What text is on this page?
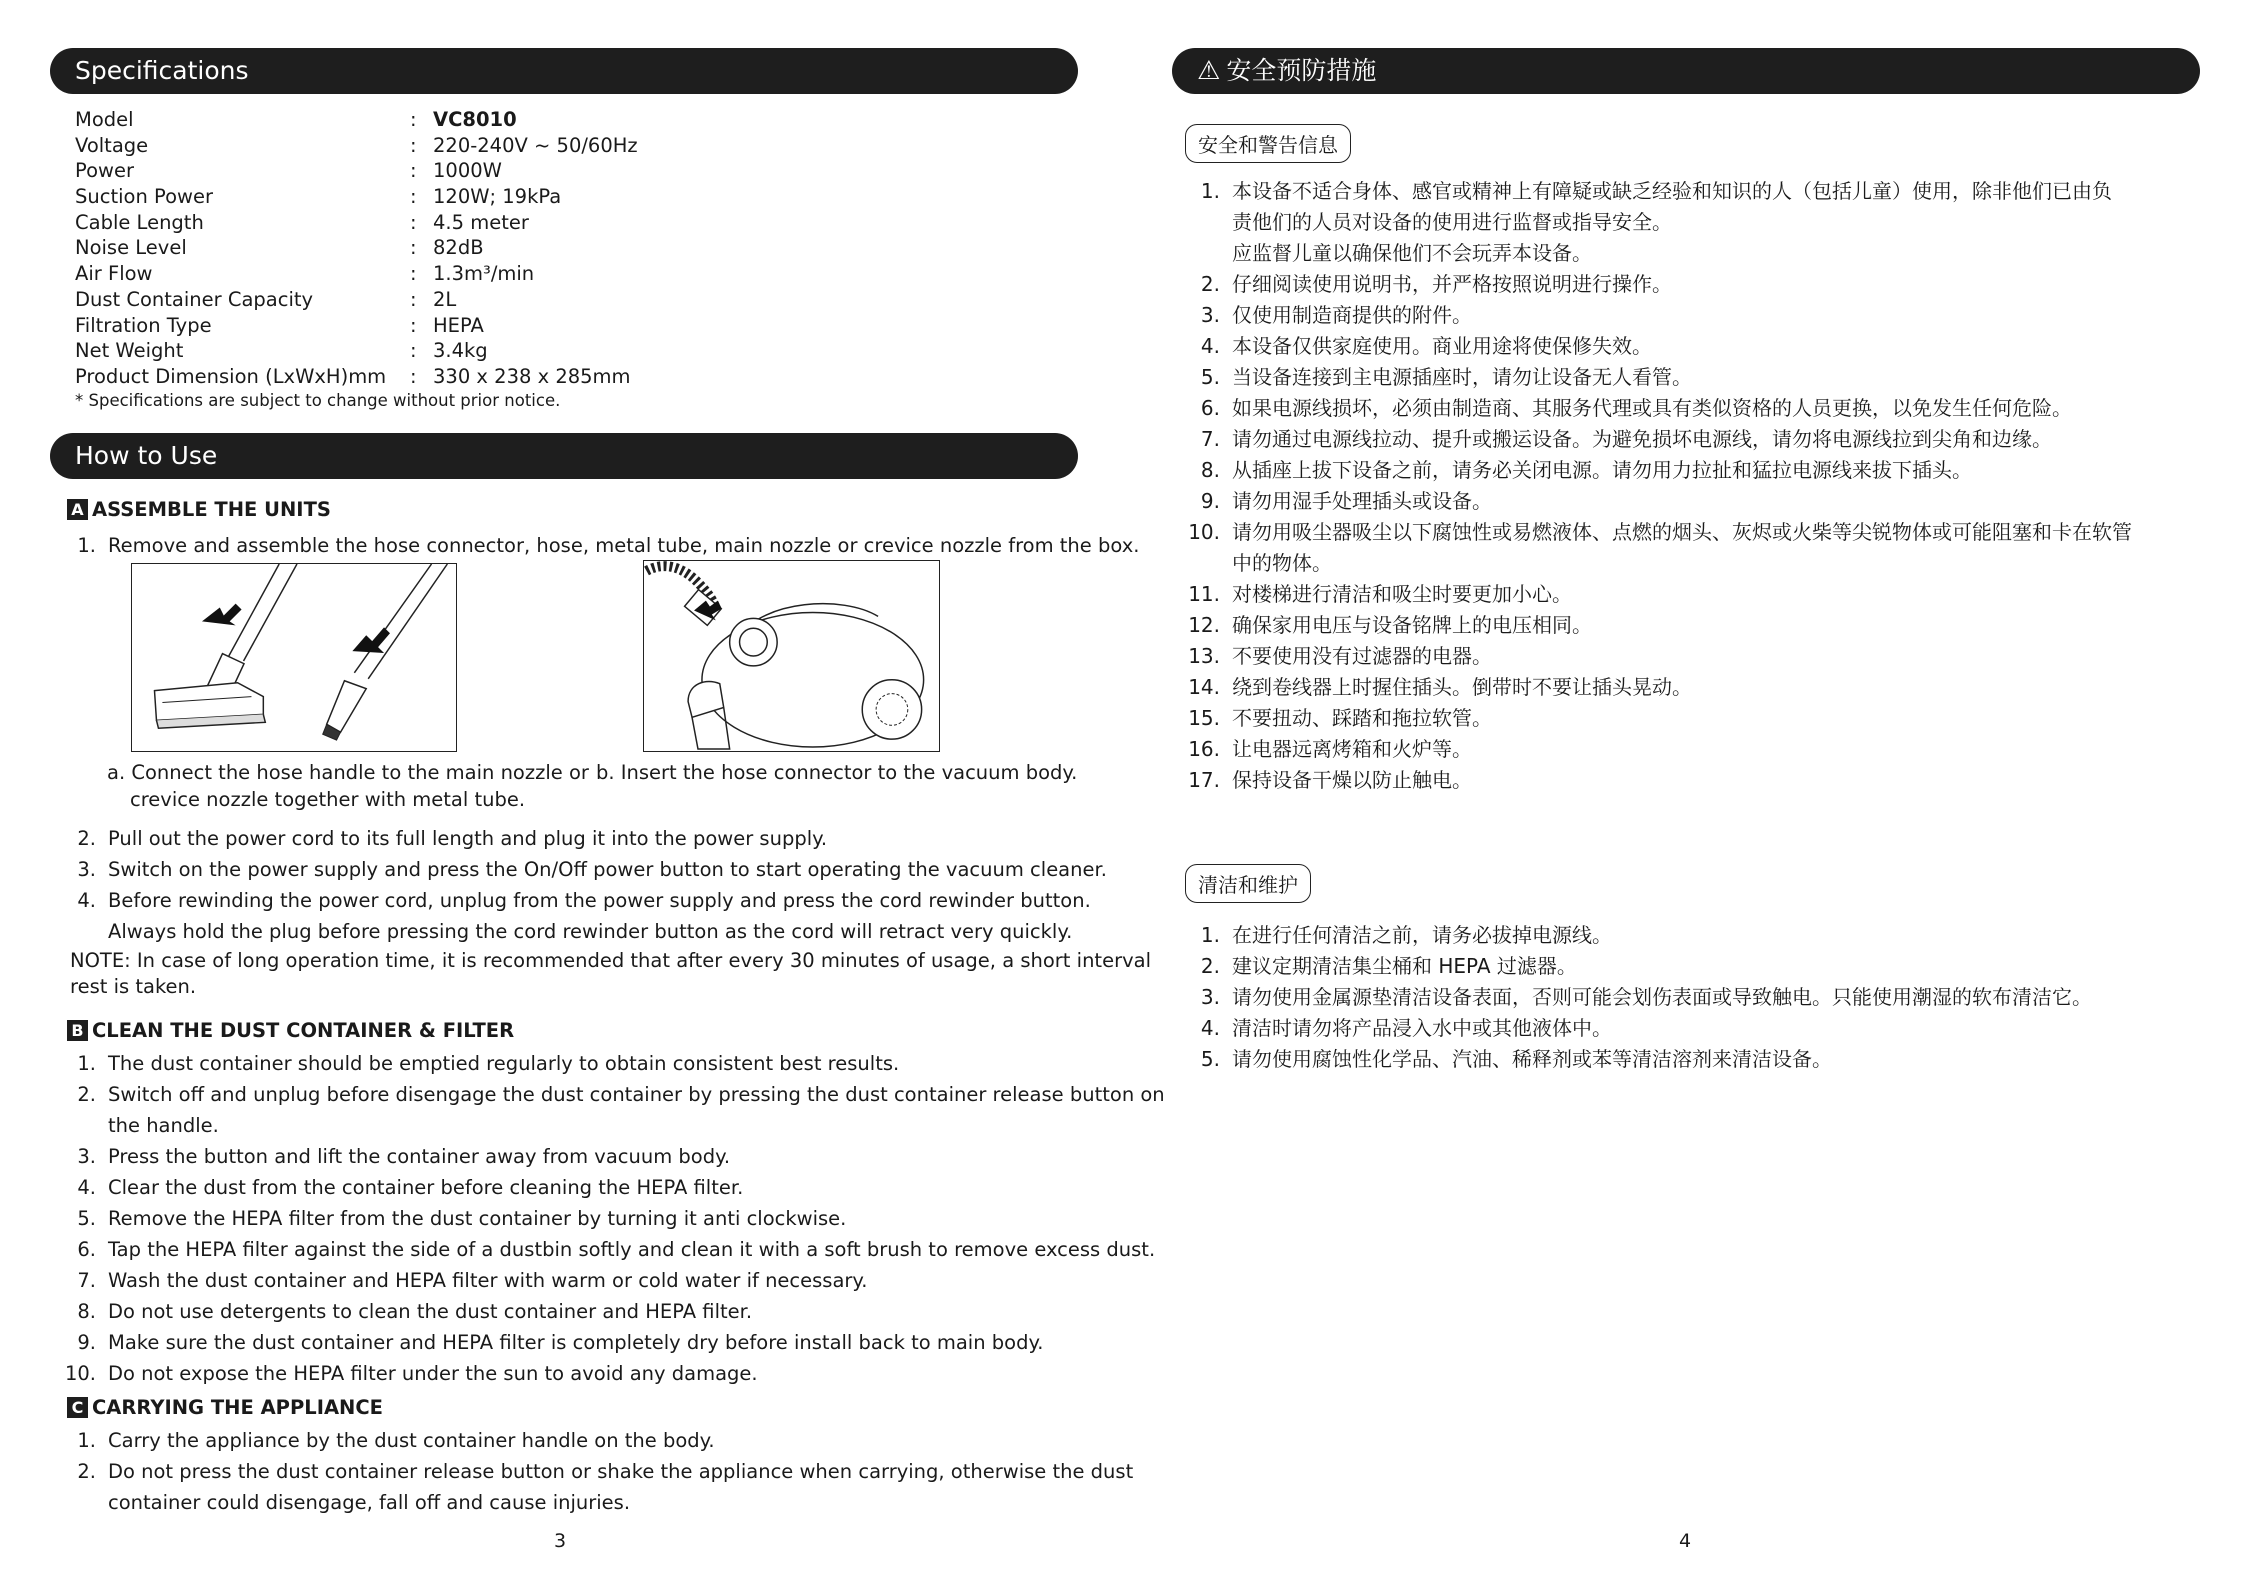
Specifications
Model	: VC8010
Voltage	: 220-240V ~ 50/60Hz
Power	: 1000W
Suction Power	: 120W; 19kPa
Cable Length	: 4.5 meter
Noise Level	: 82dB
Air Flow	: 1.3m³/min
Dust Container Capacity	: 2L
Filtration Type	: HEPA
Net Weight	: 3.4kg
Product Dimension (LxWxH)mm	: 330 x 238 x 285mm
* Specifications are subject to change without prior notice.
How to Use
A ASSEMBLE THE UNITS
1. Remove and assemble the hose connector, hose, metal tube, main nozzle or crevice nozzle from the box.
a. Connect the hose handle to the main nozzle or
crevice nozzle together with metal tube.
b. Insert the hose connector to the vacuum body.
2. Pull out the power cord to its full length and plug it into the power supply.
3. Switch on the power supply and press the On/Off power button to start operating the vacuum cleaner.
4. Before rewinding the power cord, unplug from the power supply and press the cord rewinder button.
Always hold the plug before pressing the cord rewinder button as the cord will retract very quickly.
NOTE: In case of long operation time, it is recommended that after every 30 minutes of usage, a short interval
rest is taken.
B CLEAN THE DUST CONTAINER & FILTER
1. The dust container should be emptied regularly to obtain consistent best results.
2. Switch off and unplug before disengage the dust container by pressing the dust container release button on
the handle.
3. Press the button and lift the container away from vacuum body.
4. Clear the dust from the container before cleaning the HEPA filter.
5. Remove the HEPA filter from the dust container by turning it anti clockwise.
6. Tap the HEPA filter against the side of a dustbin softly and clean it with a soft brush to remove excess dust.
7. Wash the dust container and HEPA filter with warm or cold water if necessary.
8. Do not use detergents to clean the dust container and HEPA filter.
9. Make sure the dust container and HEPA filter is completely dry before install back to main body.
10. Do not expose the HEPA filter under the sun to avoid any damage.
C CARRYING THE APPLIANCE
1. Carry the appliance by the dust container handle on the body.
2. Do not press the dust container release button or shake the appliance when carrying, otherwise the dust
container could disengage, fall off and cause injuries.
3
⚠ 安全预防措施
安全和警告信息
1. 本设备不适合身体、感官或精神上有障疑或缺乏经验和知识的人（包括儿童）使用，除非他们已由负
责他们的人员对设备的使用进行监督或指导安全。
应监督儿童以确保他们不会玩弄本设备。
2. 仔细阅读使用说明书，并严格按照说明进行操作。
3. 仅使用制造商提供的附件。
4. 本设备仅供家庭使用。商业用途将使保修失效。
5. 当设备连接到主电源插座时，请勿让设备无人看管。
6. 如果电源线损坏，必须由制造商、其服务代理或具有类似资格的人员更换，以免发生任何危险。
7. 请勿通过电源线拉动、提升或搬运设备。为避免损坏电源线，请勿将电源线拉到尖角和边缘。
8. 从插座上拔下设备之前，请务必关闭电源。请勿用力拉扯和猛拉电源线来拔下插头。
9. 请勿用湿手处理插头或设备。
10. 请勿用吸尘器吸尘以下腐蚀性或易燃液体、点燃的烟头、灰烬或火柴等尖锐物体或可能阻塞和卡在软管
中的物体。
11. 对楼梯进行清洁和吸尘时要更加小心。
12. 确保家用电压与设备铭牌上的电压相同。
13. 不要使用没有过滤器的电器。
14. 绕到卷线器上时握住插头。倒带时不要让插头晃动。
15. 不要扭动、踩踏和拖拉软管。
16. 让电器远离烤箱和火炉等。
17. 保持设备干燥以防止触电。
清洁和维护
1. 在进行任何清洁之前，请务必拔掉电源线。
2. 建议定期清洁集尘桶和 HEPA 过滤器。
3. 请勿使用金属源垫清洁设备表面，否则可能会划伤表面或导致触电。只能使用潮湿的软布清洁它。
4. 清洁时请勿将产品浸入水中或其他液体中。
5. 请勿使用腐蚀性化学品、汽油、稀释剂或苯等清洁溶剂来清洁设备。
4
